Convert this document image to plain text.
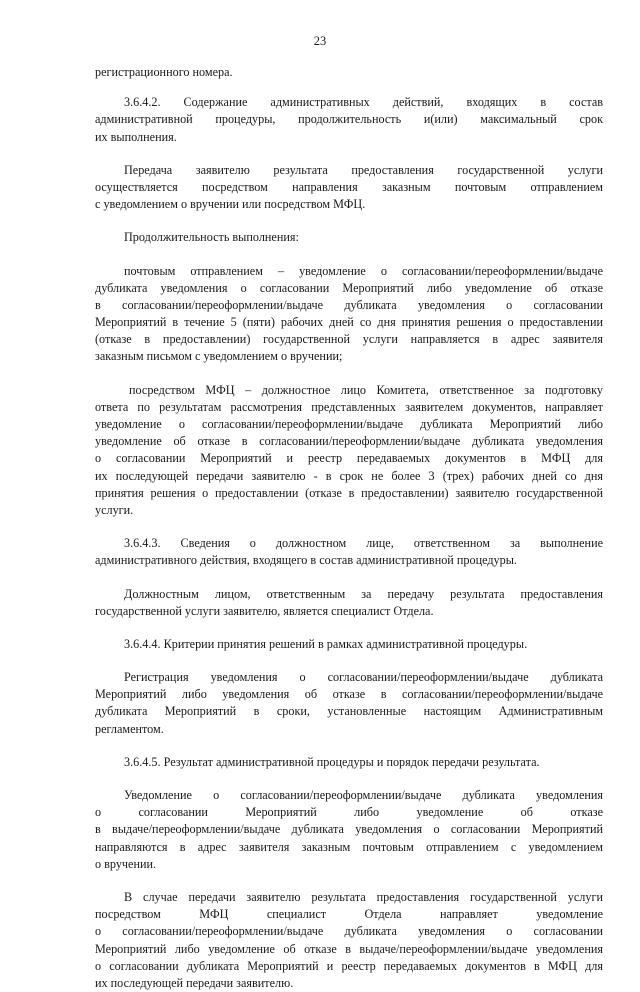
23
регистрационного номера.
3.6.4.2. Содержание административных действий, входящих в состав
административной процедуры, продолжительность и(или) максимальный срок
их выполнения.
Передача заявителю результата предоставления государственной услуги
осуществляется посредством направления заказным почтовым отправлением
с уведомлением о вручении или посредством МФЦ.
Продолжительность выполнения:
почтовым отправлением – уведомление о согласовании/переоформлении/выдаче
дубликата уведомления о согласовании Мероприятий либо уведомление об отказе
в согласовании/переоформлении/выдаче дубликата уведомления о согласовании
Мероприятий в течение 5 (пяти) рабочих дней со дня принятия решения о предоставлении
(отказе в предоставлении) государственной услуги направляется в адрес заявителя
заказным письмом с уведомлением о вручении;
посредством МФЦ – должностное лицо Комитета, ответственное за подготовку
ответа по результатам рассмотрения представленных заявителем документов, направляет
уведомление о согласовании/переоформлении/выдаче дубликата Мероприятий либо
уведомление об отказе в согласовании/переоформлении/выдаче дубликата уведомления
о согласовании Мероприятий и реестр передаваемых документов в МФЦ для
их последующей передачи заявителю - в срок не более 3 (трех) рабочих дней со дня
принятия решения о предоставлении (отказе в предоставлении) заявителю государственной
услуги.
3.6.4.3. Сведения о должностном лице, ответственном за выполнение
административного действия, входящего в состав административной процедуры.
Должностным лицом, ответственным за передачу результата предоставления
государственной услуги заявителю, является специалист Отдела.
3.6.4.4. Критерии принятия решений в рамках административной процедуры.
Регистрация уведомления о согласовании/переоформлении/выдаче дубликата
Мероприятий либо уведомления об отказе в согласовании/переоформлении/выдаче
дубликата Мероприятий в сроки, установленные настоящим Административным
регламентом.
3.6.4.5. Результат административной процедуры и порядок передачи результата.
Уведомление о согласовании/переоформлении/выдаче дубликата уведомления
о согласовании Мероприятий либо уведомление об отказе
в выдаче/переоформлении/выдаче дубликата уведомления о согласовании Мероприятий
направляются в адрес заявителя заказным почтовым отправлением с уведомлением
о вручении.
В случае передачи заявителю результата предоставления государственной услуги
посредством МФЦ специалист Отдела направляет уведомление
о согласовании/переоформлении/выдаче дубликата уведомления о согласовании
Мероприятий либо уведомление об отказе в выдаче/переоформлении/выдаче уведомления
о согласовании дубликата Мероприятий и реестр передаваемых документов в МФЦ для
их последующей передачи заявителю.
